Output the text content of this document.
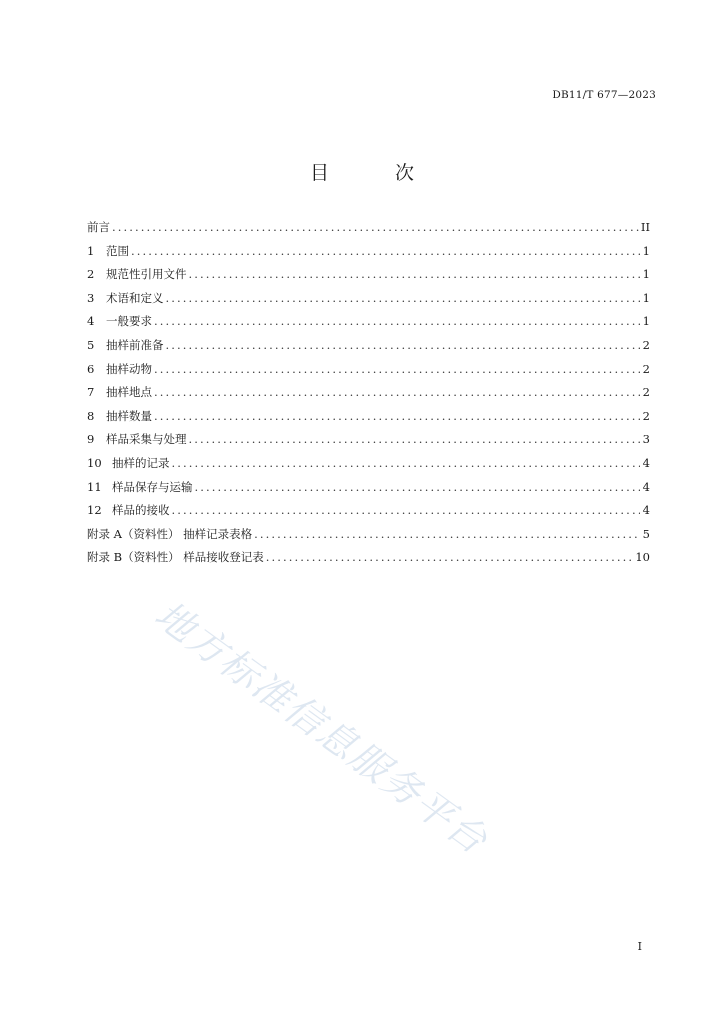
DB11/T 677—2023
目 次
前言 .....	II
1	范围 .....	1
2	规范性引用文件 .....	1
3	术语和定义 .....	1
4	一般要求 .....	1
5	抽样前准备 .....	2
6	抽样动物 .....	2
7	抽样地点 .....	2
8	抽样数量 .....	2
9	样品采集与处理 .....	3
10 抽样的记录 .....	4
11 样品保存与运输 .....	4
12 样品的接收 .....	4
附录 A（资料性） 抽样记录表格 .....	5
附录 B（资料性） 样品接收登记表 .....	10
地方标准信息服务平台
I
